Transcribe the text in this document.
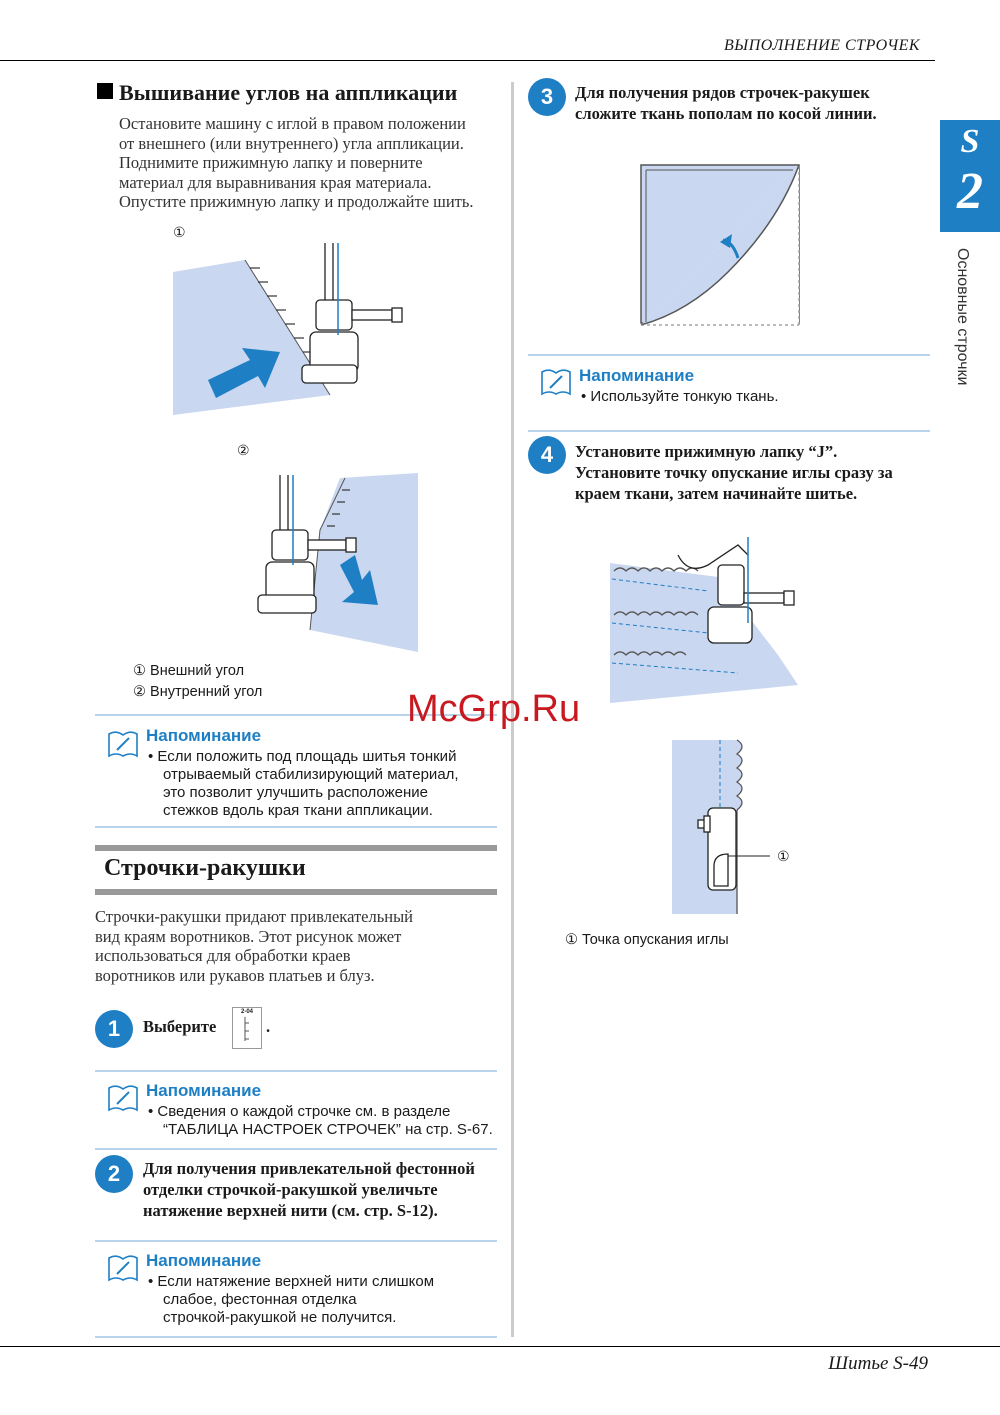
ВЫПОЛНЕНИЕ СТРОЧЕК
S
2
Основные строчки
Вышивание углов на аппликации
Остановите машину с иглой в правом положении
от внешнего (или внутреннего) угла аппликации.
Поднимите прижимную лапку и поверните
материал для выравнивания края материала.
Опустите прижимную лапку и продолжайте шить.
①
②
① Внешний угол
② Внутренний угол
Напоминание
• Если положить под площадь шитья тонкий
отрываемый стабилизирующий материал,
это позволит улучшить расположение
стежков вдоль края ткани аппликации.
Строчки-ракушки
Строчки-ракушки придают привлекательный
вид краям воротников. Этот рисунок может
использоваться для обработки краев
воротников или рукавов платьев и блуз.
1	Выберите
2-04
.
Напоминание
• Сведения о каждой строчке см. в разделе
“ТАБЛИЦА НАСТРОЕК СТРОЧЕК” на стр. S-67.
2	Для получения привлекательной фестонной
отделки строчкой-ракушкой увеличьте
натяжение верхней нити (см. стр. S-12).
Напоминание
• Если натяжение верхней нити слишком
слабое, фестонная отделка
строчкой-ракушкой не получится.
3	Для получения рядов строчек-ракушек
сложите ткань пополам по косой линии.
Напоминание
• Используйте тонкую ткань.
4	Установите прижимную лапку “J”.
Установите точку опускание иглы сразу за
краем ткани, затем начинайте шитье.
①
① Точка опускания иглы
McGrp.Ru
Шитье S-49
